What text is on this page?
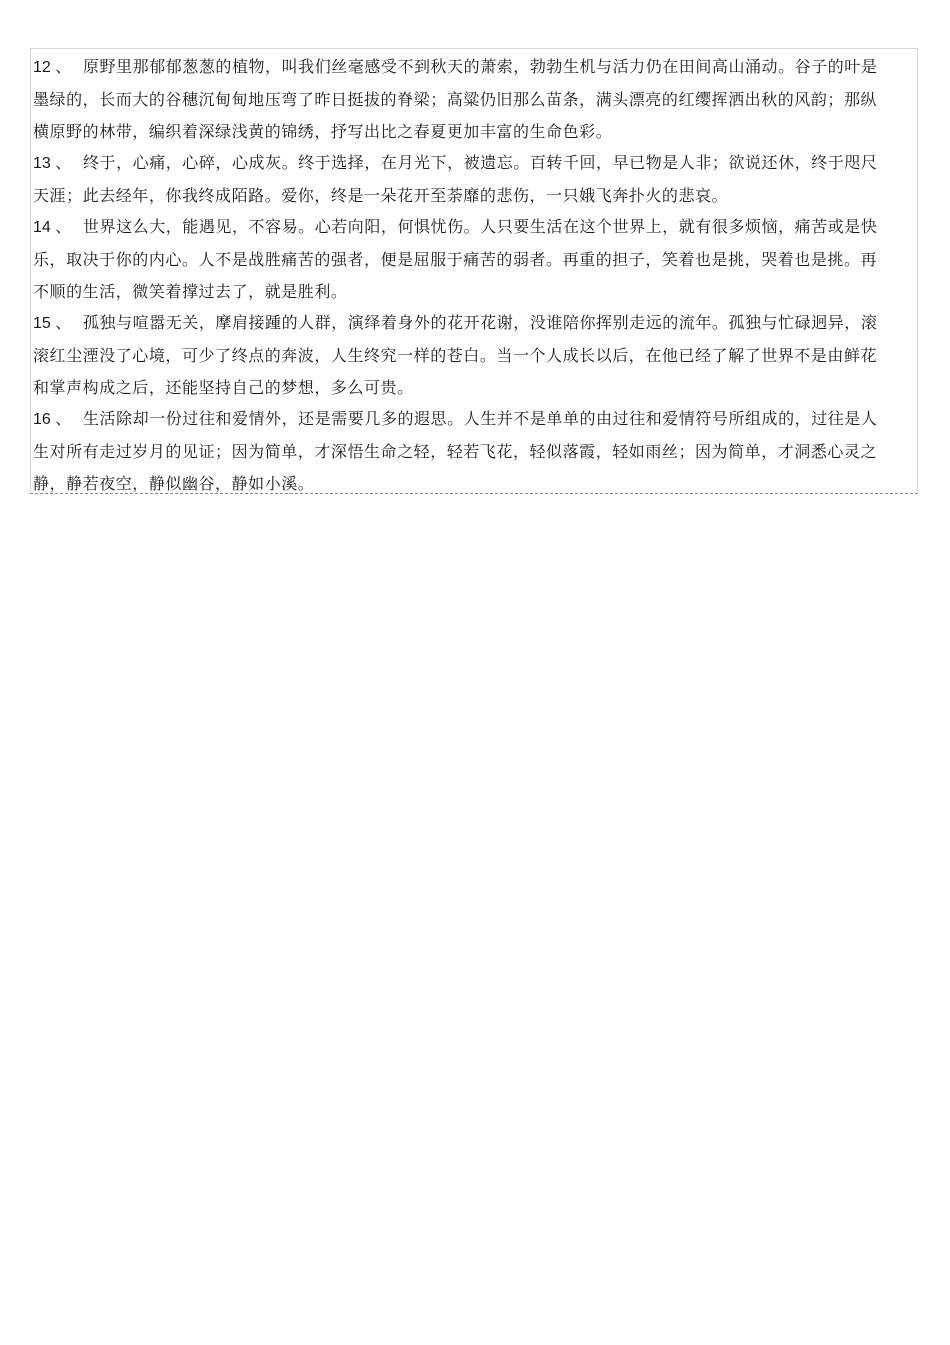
12 、 原野里那郁郁葱葱的植物，叫我们丝毫感受不到秋天的萧索，勃勃生机与活力仍在田间高山涌动。谷子的叶是墨绿的，长而大的谷穗沉甸甸地压弯了昨日挺拔的脊梁；高粱仍旧那么苗条，满头漂亮的红缨挥洒出秋的风韵；那纵横原野的林带，编织着深绿浅黄的锦绣，抒写出比之春夏更加丰富的生命色彩。

13 、 终于，心痛，心碎，心成灰。终于选择，在月光下，被遗忘。百转千回，早已物是人非；欲说还休，终于咫尺天涯；此去经年，你我终成陌路。爱你，终是一朵花开至荼靡的悲伤，一只娥飞奔扑火的悲哀。

14 、 世界这么大，能遇见，不容易。心若向阳，何惧忧伤。人只要生活在这个世界上，就有很多烦恼，痛苦或是快乐，取决于你的内心。人不是战胜痛苦的强者，便是屈服于痛苦的弱者。再重的担子，笑着也是挑，哭着也是挑。再不顺的生活，微笑着撑过去了，就是胜利。

15 、 孤独与喧嚣无关，摩肩接踵的人群，演绎着身外的花开花谢，没谁陪你挥别走远的流年。孤独与忙碌迥异，滚滚红尘湮没了心境，可少了终点的奔波，人生终究一样的苍白。当一个人成长以后，在他已经了解了世界不是由鲜花和掌声构成之后，还能坚持自己的梦想，多么可贵。

16 、 生活除却一份过往和爱情外，还是需要几多的遐思。人生并不是单单的由过往和爱情符号所组成的，过往是人生对所有走过岁月的见证；因为简单，才深悟生命之轻，轻若飞花，轻似落霞，轻如雨丝；因为简单，才洞悉心灵之静，静若夜空，静似幽谷，静如小溪。
